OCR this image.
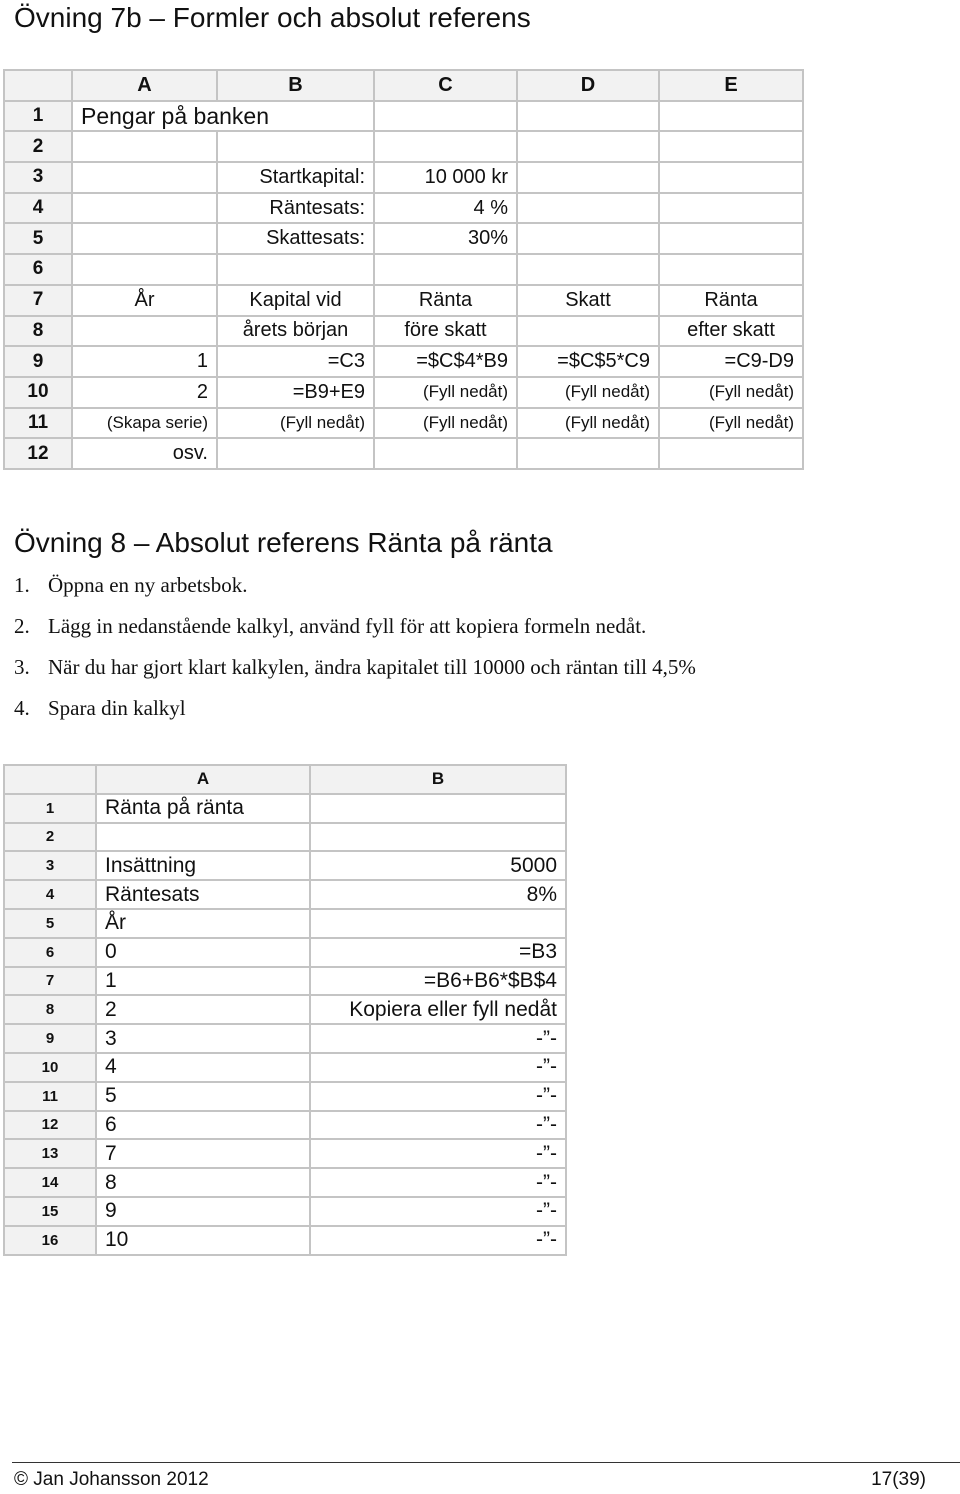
Övning 7b – Formler och absolut referens
	A	B	C	D	E
1	Pengar på banken				
2					
3		Startkapital:	10 000 kr		
4		Räntesats:	4 %		
5		Skattesats:	30%		
6					
7	År	Kapital vid	Ränta	Skatt	Ränta
8		årets början	före skatt		efter skatt
9	1	=C3	=$C$4*B9	=$C$5*C9	=C9-D9
10	2	=B9+E9	(Fyll nedåt)	(Fyll nedåt)	(Fyll nedåt)
11	(Skapa serie)	(Fyll nedåt)	(Fyll nedåt)	(Fyll nedåt)	(Fyll nedåt)
12	osv.				
Övning 8 – Absolut referens Ränta på ränta
1. Öppna en ny arbetsbok.
2. Lägg in nedanstående kalkyl, använd fyll för att kopiera formeln nedåt.
3. När du har gjort klart kalkylen, ändra kapitalet till 10000 och räntan till 4,5%
4. Spara din kalkyl
	A	B
1	Ränta på ränta	
2		
3	Insättning	5000
4	Räntesats	8%
5	År	
6	0	=B3
7	1	=B6+B6*$B$4
8	2	Kopiera eller fyll nedåt
9	3	-”-
10	4	-”-
11	5	-”-
12	6	-”-
13	7	-”-
14	8	-”-
15	9	-”-
16	10	-”-
© Jan Johansson 2012	17(39)
